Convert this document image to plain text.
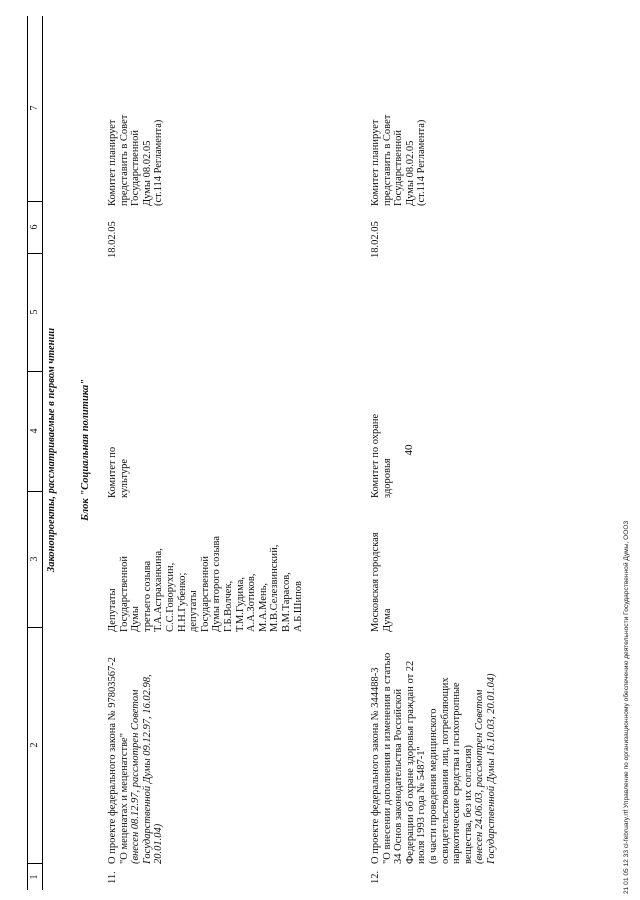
40
1
2
3
4
5
6
7
Законопроекты, рассматриваемые в первом чтении Блок "Социальная политика"
11.
О проекте федерального закона № 97803567-2 "О меценатах и меценатстве" (внесен 08.12.97, рассмотрен Советом Государственной Думы 09.12.97, 16.02.98, 20.01.04)
Депутаты Государственной Думы третьего созыва Т.А.Астраханкина, С.С.Говорухин, Н.Н.Губенко; депутаты Государственной Думы второго созыва Г.Б.Волчек, Т.М.Гудима, А.А.Зотиков, М.А.Мень, М.В.Селезвинский, В.М.Тарасов, А.Б.Шипов
Комитет по культуре
18.02.05
Комитет планирует представить в Совет Государственной Думы 08.02.05 (ст.114 Регламента)
12.
О проекте федерального закона № 344488-3 "О внесении дополнения и изменения в статью 34 Основ законодательства Российской Федерации об охране здоровья граждан от 22 июля 1993 года № 5487-1" (в части проведения медицинского освидетельствования лиц, потребляющих наркотические средства и психотропные вещества, без их согласия) (внесен 24.06.03, рассмотрен Советом Государственной Думы 16.10.03, 20.01.04)
Московская городская Дума
Комитет по охране здоровья
18.02.05
Комитет планирует представить в Совет Государственной Думы 08.02.05 (ст.114 Регламента)
21 01 05 12 33 cl-february.rtf Управление по организационному обеспечению деятельности Государственной Думы, ООО3
